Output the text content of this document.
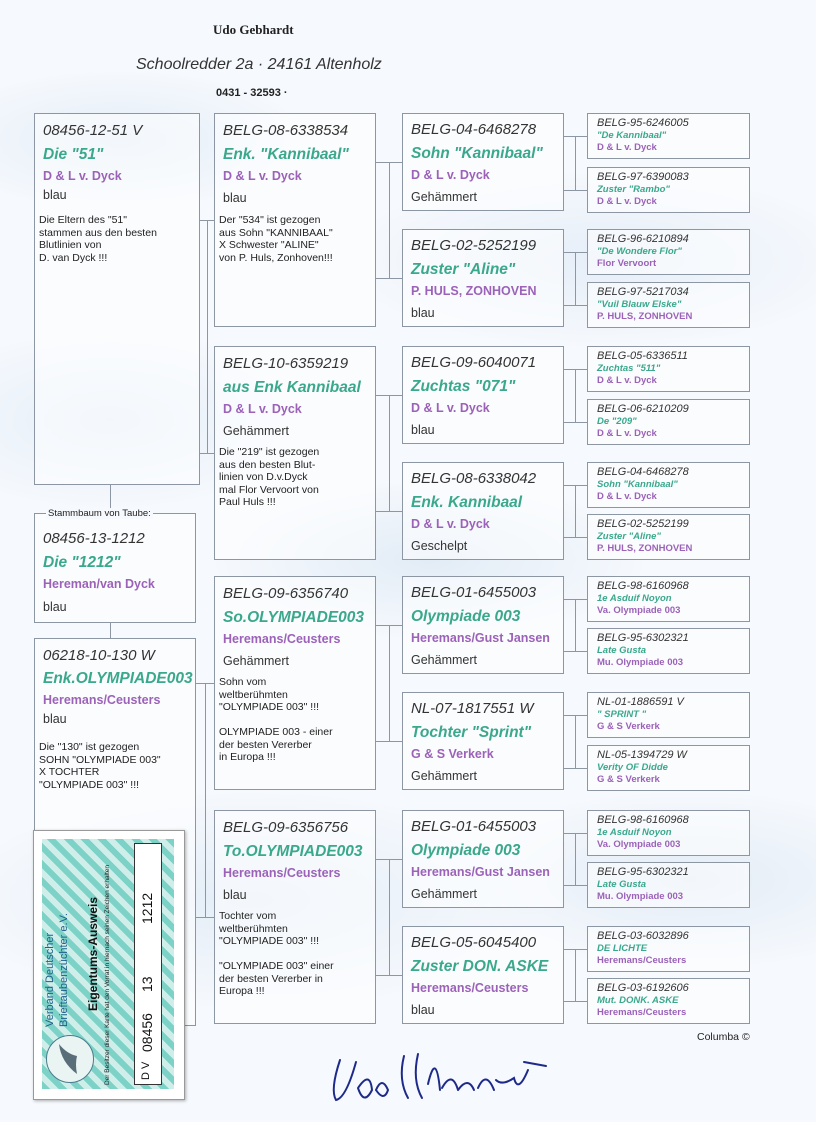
Udo Gebhardt
Schoolredder 2a · 24161 Altenholz
0431 - 32593 ·
08456-12-51 V
Die "51"
D & L v. Dyck
blau
Die Eltern des "51"
stammen aus den besten
Blutlinien von
D. van Dyck !!!
Stammbaum von Taube:
08456-13-1212
Die "1212"
Hereman/van Dyck
blau
06218-10-130 W
Enk.OLYMPIADE003
Heremans/Ceusters
blau
Die "130" ist gezogen
SOHN "OLYMPIADE 003"
X TOCHTER
"OLYMPIADE 003" !!!
BELG-08-6338534
Enk. "Kannibaal"
D & L v. Dyck
blau
Der "534" ist gezogen
aus Sohn "KANNIBAAL"
X Schwester "ALINE"
von P. Huls, Zonhoven!!!
BELG-10-6359219
aus Enk Kannibaal
D & L v. Dyck
Gehämmert
Die "219" ist gezogen
aus den besten Blut-
linien von D.v.Dyck
mal Flor Vervoort von
Paul Huls !!!
BELG-09-6356740
So.OLYMPIADE003
Heremans/Ceusters
Gehämmert
Sohn vom
weltberühmten
"OLYMPIADE 003" !!!

OLYMPIADE 003 - einer
der besten Vererber
in Europa !!!
BELG-09-6356756
To.OLYMPIADE003
Heremans/Ceusters
blau
Tochter vom
weltberühmten
"OLYMPIADE 003" !!!

"OLYMPIADE 003" einer
der besten Vererber in
Europa !!!
BELG-04-6468278
Sohn "Kannibaal"
D & L v. Dyck
Gehämmert
BELG-02-5252199
Zuster "Aline"
P. HULS, ZONHOVEN
blau
BELG-09-6040071
Zuchtas "071"
D & L v. Dyck
blau
BELG-08-6338042
Enk. Kannibaal
D & L v. Dyck
Geschelpt
BELG-01-6455003
Olympiade 003
Heremans/Gust Jansen
Gehämmert
NL-07-1817551 W
Tochter "Sprint"
G & S Verkerk
Gehämmert
BELG-01-6455003
Olympiade 003
Heremans/Gust Jansen
Gehämmert
BELG-05-6045400
Zuster DON. ASKE
Heremans/Ceusters
blau
BELG-95-6246005
"De Kannibaal"
D & L v. Dyck
BELG-97-6390083
Zuster "Rambo"
D & L v. Dyck
BELG-96-6210894
"De Wondere Flor"
Flor Vervoort
BELG-97-5217034
"Vuil Blauw Elske"
P. HULS, ZONHOVEN
BELG-05-6336511
Zuchtas "511"
D & L v. Dyck
BELG-06-6210209
De "209"
D & L v. Dyck
BELG-04-6468278
Sohn "Kannibaal"
D & L v. Dyck
BELG-02-5252199
Zuster "Aline"
P. HULS, ZONHOVEN
BELG-98-6160968
1e Asduif Noyon
Va. Olympiade 003
BELG-95-6302321
Late Gusta
Mu. Olympiade 003
NL-01-1886591 V
" SPRINT "
G & S Verkerk
NL-05-1394729 W
Verity OF Didde
G & S Verkerk
BELG-98-6160968
1e Asduif Noyon
Va. Olympiade 003
BELG-95-6302321
Late Gusta
Mu. Olympiade 003
BELG-03-6032896
DE LICHTE
Heremans/Ceusters
BELG-03-6192606
Mut. DONK. ASKE
Heremans/Ceusters
Verband Deutscher Brieftaubenzüchter e.V. Eigentums-Ausweis Der Besitzer dieser Karte hat den Vorrat in hiernach seinen Zeichen erhalten	D V
08456
13
1212
Columba ©
